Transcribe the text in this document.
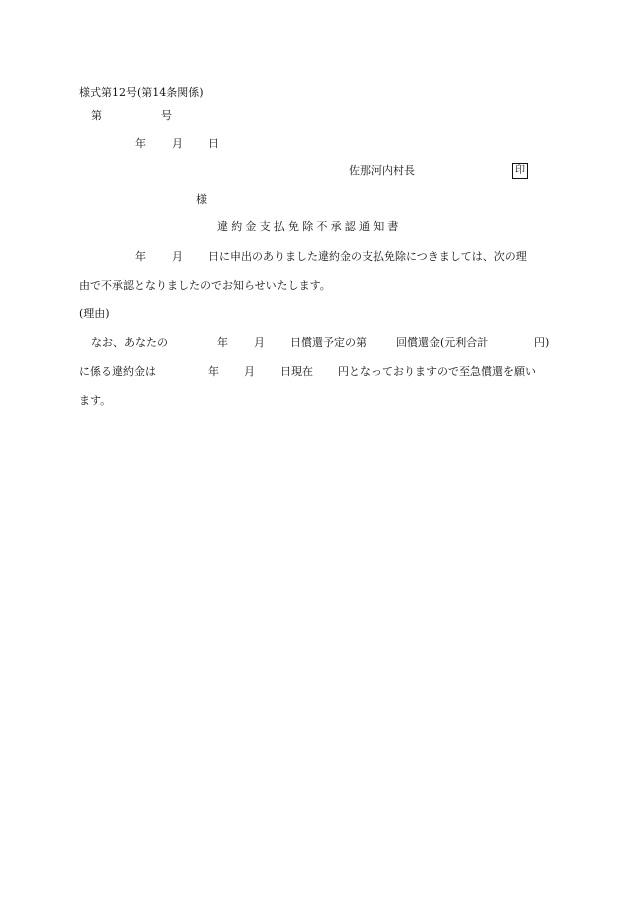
様式第12号(第14条関係)
第	号
年 月 日
佐那河内村長	印
様
違約金支払免除不承認通知書
年 月 日に申出のありました違約金の支払免除につきましては、次の理
由で不承認となりましたのでお知らせいたします。
(理由)
なお、あなたの	年 月 日償還予定の第	回償還金(元利合計	円)
に係る違約金は	年 月 日現在 円となっておりますので至急償還を願い
ます。
